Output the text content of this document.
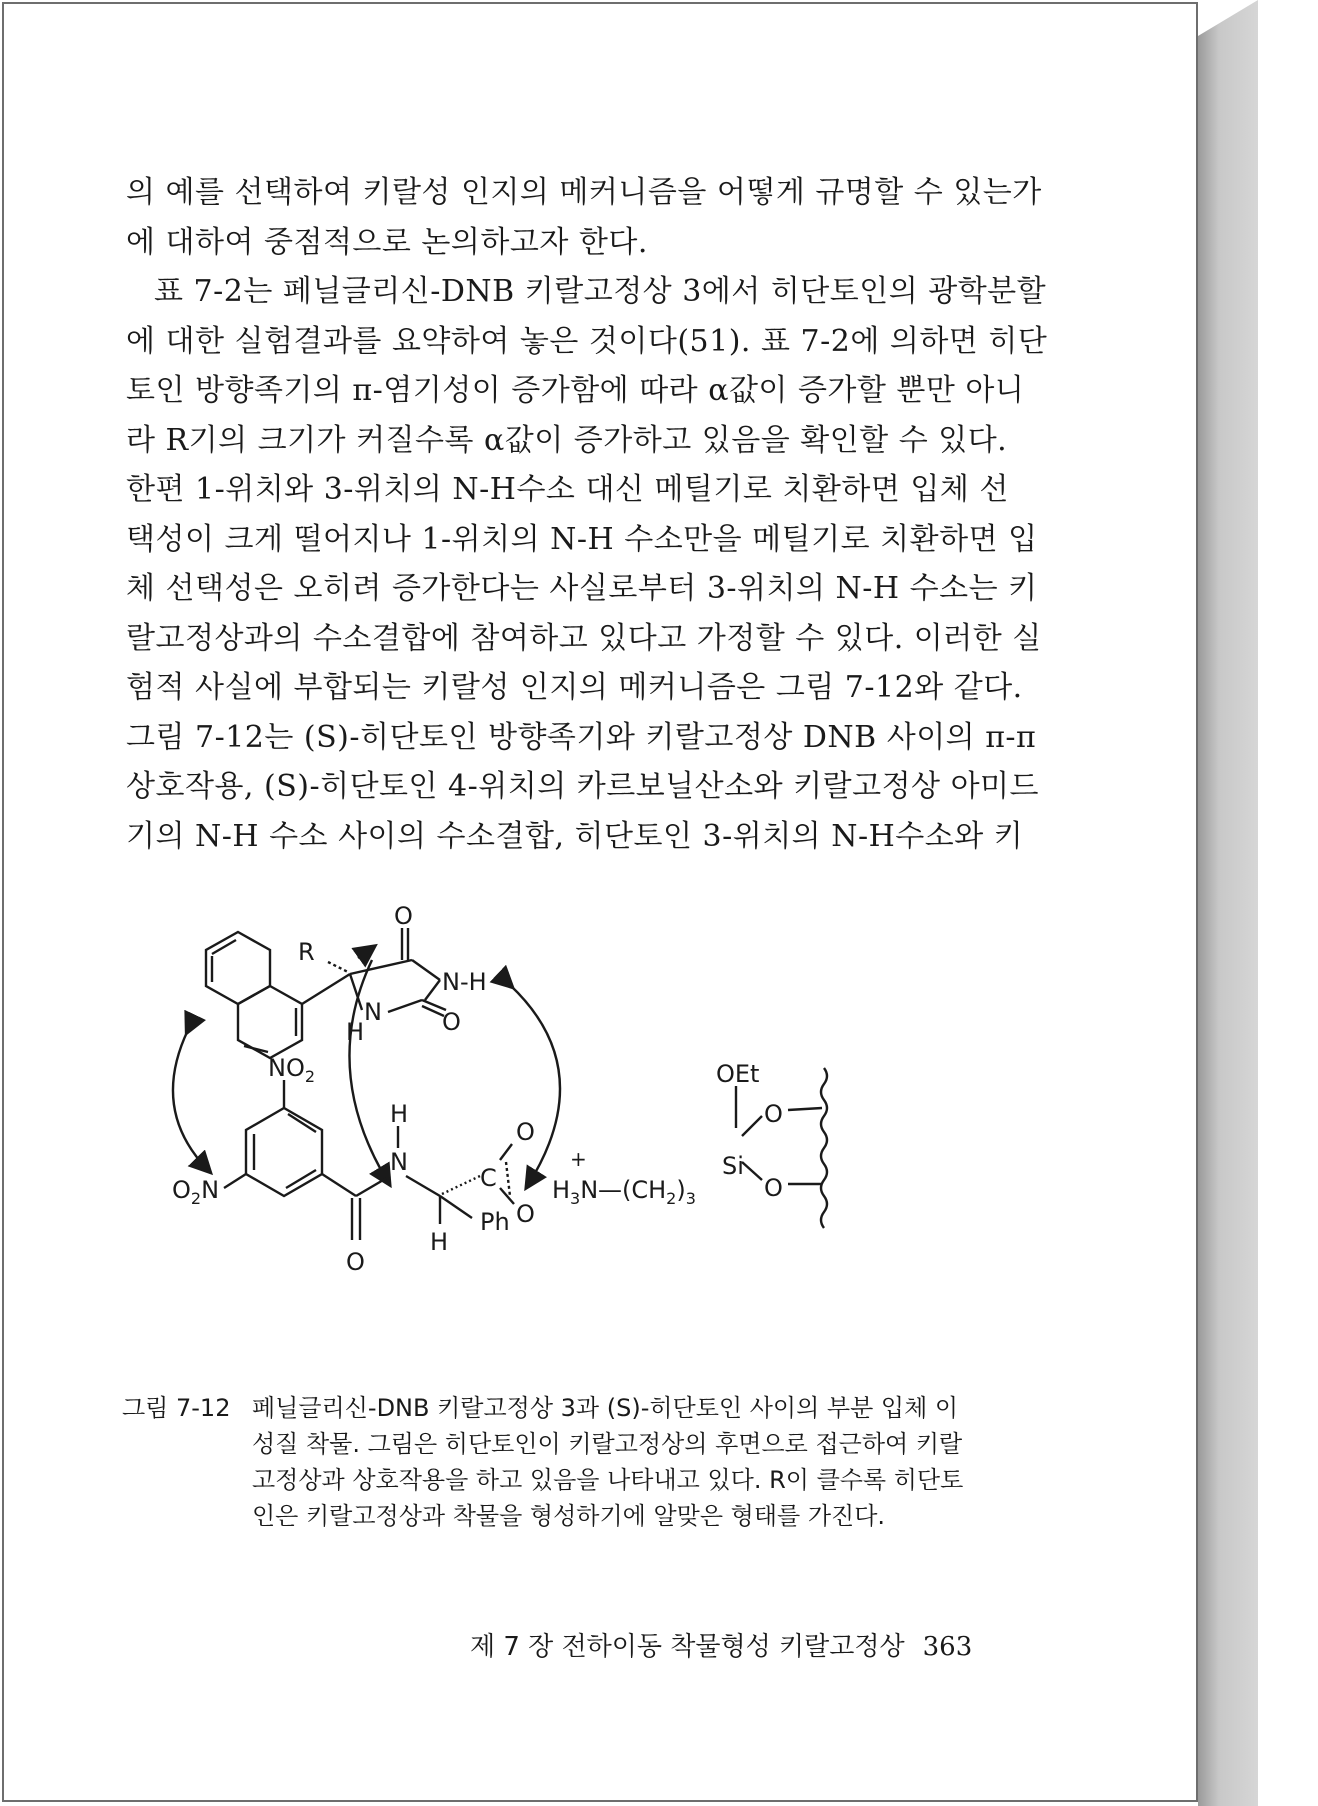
의 예를 선택하여 키랄성 인지의 메커니즘을 어떻게 규명할 수 있는가
에 대하여 중점적으로 논의하고자 한다.
표 7-2는 페닐글리신-DNB 키랄고정상 3에서 히단토인의 광학분할
에 대한 실험결과를 요약하여 놓은 것이다(51). 표 7-2에 의하면 히단
토인 방향족기의 π-염기성이 증가함에 따라 α값이 증가할 뿐만 아니
라 R기의 크기가 커질수록 α값이 증가하고 있음을 확인할 수 있다.
한편 1-위치와 3-위치의 N-H수소 대신 메틸기로 치환하면 입체 선
택성이 크게 떨어지나 1-위치의 N-H 수소만을 메틸기로 치환하면 입
체 선택성은 오히려 증가한다는 사실로부터 3-위치의 N-H 수소는 키
랄고정상과의 수소결합에 참여하고 있다고 가정할 수 있다. 이러한 실
험적 사실에 부합되는 키랄성 인지의 메커니즘은 그림 7-12와 같다.
그림 7-12는 (S)-히단토인 방향족기와 키랄고정상 DNB 사이의 π-π
상호작용, (S)-히단토인 4-위치의 카르보닐산소와 키랄고정상 아미드
기의 N-H 수소 사이의 수소결합, 히단토인 3-위치의 N-H수소와 키
R
O
N-H
N
H	O
$NO_2$
$O_2N$
H
N
O
H
Ph
C
O
O
-
$H_3N$
+
$—(CH_2)_3$
Si
OEt
O
O
그림 7-12 페닐글리신-DNB 키랄고정상 3과 (S)-히단토인 사이의 부분 입체 이
성질 착물. 그림은 히단토인이 키랄고정상의 후면으로 접근하여 키랄
고정상과 상호작용을 하고 있음을 나타내고 있다. R이 클수록 히단토
인은 키랄고정상과 착물을 형성하기에 알맞은 형태를 가진다.
제 7 장 전하이동 착물형성 키랄고정상 363
